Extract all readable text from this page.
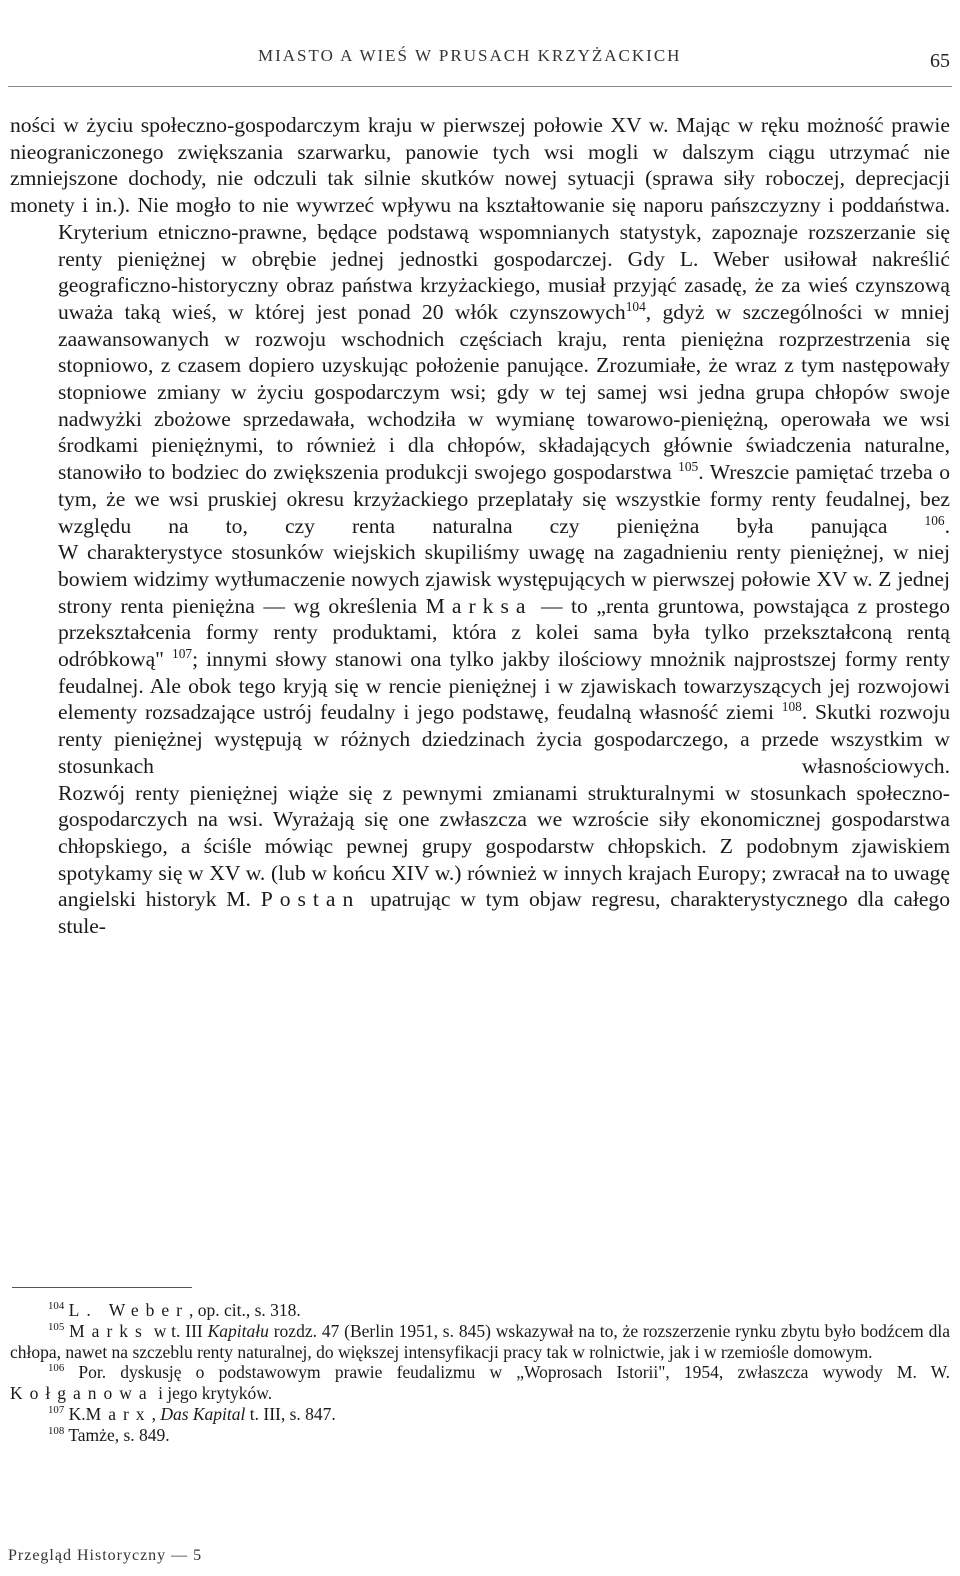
MIASTO A WIEŚ W PRUSACH KRZYŻACKICH	65

ności w życiu społeczno-gospodarczym kraju w pierwszej połowie XV w. Mając w ręku możność prawie nieograniczonego zwiększania szarwarku, panowie tych wsi mogli w dalszym ciągu utrzymać nie zmniejszone dochody, nie odczuli tak silnie skutków nowej sytuacji (sprawa siły roboczej, deprecjacji monety i in.). Nie mogło to nie wywrzeć wpływu na kształtowanie się naporu pańszczyzny i poddaństwa.

Kryterium etniczno-prawne, będące podstawą wspomnianych statystyk, zapoznaje rozszerzanie się renty pieniężnej w obrębie jednej jednostki gospodarczej. Gdy L. Weber usiłował nakreślić geograficzno-historyczny obraz państwa krzyżackiego, musiał przyjąć zasadę, że za wieś czynszową uważa taką wieś, w której jest ponad 20 włók czynszowych$^{104}$, gdyż w szczególności w mniej zaawansowanych w rozwoju wschodnich częściach kraju, renta pieniężna rozprzestrzenia się stopniowo, z czasem dopiero uzyskując położenie panujące. Zrozumiałe, że wraz z tym następowały stopniowe zmiany w życiu gospodarczym wsi; gdy w tej samej wsi jedna grupa chłopów swoje nadwyżki zbożowe sprzedawała, wchodziła w wymianę towarowo-pieniężną, operowała we wsi środkami pieniężnymi, to również i dla chłopów, składających głównie świadczenia naturalne, stanowiło to bodziec do zwiększenia produkcji swojego gospodarstwa $^{105}$. Wreszcie pamiętać trzeba o tym, że we wsi pruskiej okresu krzyżackiego przeplatały się wszystkie formy renty feudalnej, bez względu na to, czy renta naturalna czy pieniężna była panująca	$^{106}$.

W charakterystyce stosunków wiejskich skupiliśmy uwagę na zagadnieniu renty pieniężnej, w niej bowiem widzimy wytłumaczenie nowych zjawisk występujących w pierwszej połowie XV w. Z jednej strony renta pieniężna — wg określenia Marksa — to „renta gruntowa, powstająca z prostego przekształcenia formy renty produktami, która z kolei sama była tylko przekształconą rentą odróbkową" $^{107}$; innymi słowy stanowi ona tylko jakby ilościowy mnożnik najprostszej formy renty feudalnej. Ale obok tego kryją się w rencie pieniężnej i w zjawiskach towarzyszących jej rozwojowi elementy rozsadzające ustrój feudalny i jego podstawę, feudalną własność ziemi $^{108}$. Skutki rozwoju renty pieniężnej występują w różnych dziedzinach życia gospodarczego, a przede wszystkim w stosunkach własnościowych.

Rozwój renty pieniężnej wiąże się z pewnymi zmianami strukturalnymi w stosunkach społeczno-gospodarczych na wsi. Wyrażają się one zwłaszcza we wzroście siły ekonomicznej gospodarstwa chłopskiego, a ściśle mówiąc pewnej grupy gospodarstw chłopskich. Z podobnym zjawiskiem spotykamy się w XV w. (lub w końcu XIV w.) również w innych krajach Europy; zwracał na to uwagę angielski historyk M. Postan upatrując w tym objaw regresu, charakterystycznego dla całego stule-

$^{104}$ L. Weber, op. cit., s. 318.

$^{105}$ Marks w t. III Kapitału rozdz. 47 (Berlin 1951, s. 845) wskazywał na to, że rozszerzenie rynku zbytu było bodźcem dla chłopa, nawet na szczeblu renty naturalnej, do większej intensyfikacji pracy tak w rolnictwie, jak i w rzemiośle domowym.

$^{106}$ Por. dyskusję o podstawowym prawie feudalizmu w „Woprosach Istorii", 1954, zwłaszcza wywody M. W. Kołganowa i jego krytyków.

$^{107}$ K.Marx, Das Kapital t. III, s. 847.

$^{108}$ Tamże, s. 849.

Przegląd Historyczny — 5
